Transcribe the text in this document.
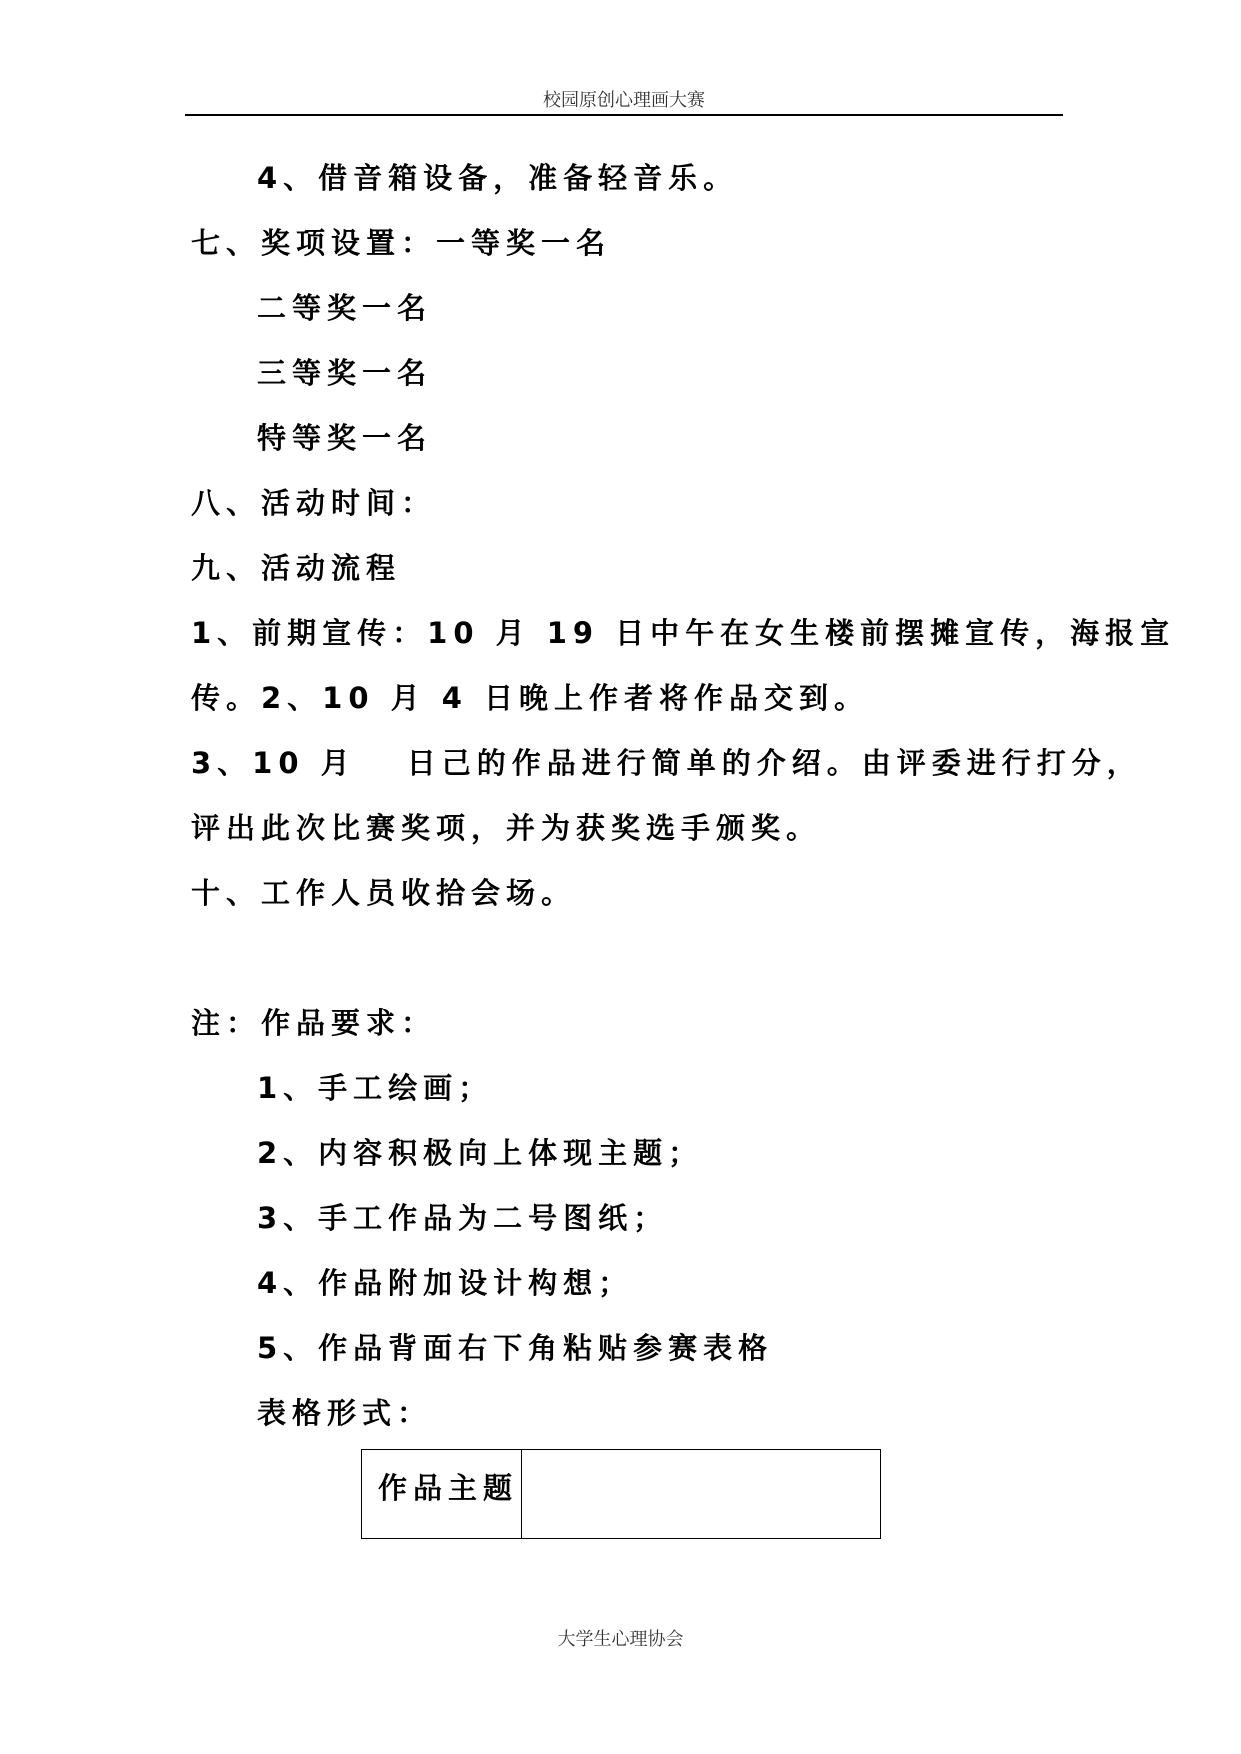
校园原创心理画大赛
4、借音箱设备，准备轻音乐。
七、奖项设置：一等奖一名
二等奖一名
三等奖一名
特等奖一名
八、活动时间：
九、活动流程
1、前期宣传：10 月 19 日中午在女生楼前摆摊宣传，海报宣
传。2、10 月 4 日晚上作者将作品交到。
3、10 月　 日己的作品进行简单的介绍。由评委进行打分，
评出此次比赛奖项，并为获奖选手颁奖。
十、工作人员收拾会场。
注：作品要求：
1、手工绘画；
2、内容积极向上体现主题；
3、手工作品为二号图纸；
4、作品附加设计构想；
5、作品背面右下角粘贴参赛表格
表格形式：
作品主题
大学生心理协会
